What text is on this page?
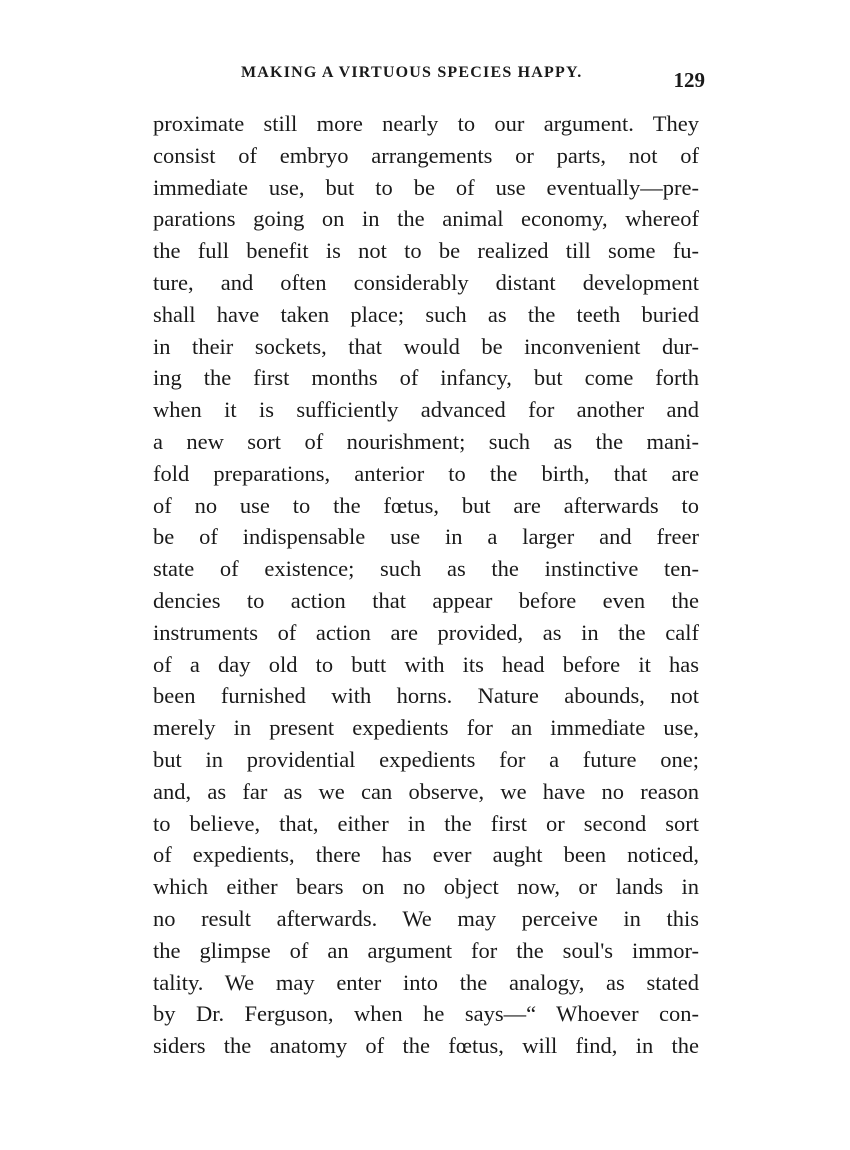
MAKING A VIRTUOUS SPECIES HAPPY.	129
proximate still more nearly to our argument. They
consist of embryo arrangements or parts, not of
immediate use, but to be of use eventually—pre-
parations going on in the animal economy, whereof
the full benefit is not to be realized till some fu-
ture, and often considerably distant development
shall have taken place; such as the teeth buried
in their sockets, that would be inconvenient dur-
ing the first months of infancy, but come forth
when it is sufficiently advanced for another and
a new sort of nourishment; such as the mani-
fold preparations, anterior to the birth, that are
of no use to the fœtus, but are afterwards to
be of indispensable use in a larger and freer
state of existence; such as the instinctive ten-
dencies to action that appear before even the
instruments of action are provided, as in the calf
of a day old to butt with its head before it has
been furnished with horns. Nature abounds, not
merely in present expedients for an immediate use,
but in providential expedients for a future one;
and, as far as we can observe, we have no reason
to believe, that, either in the first or second sort
of expedients, there has ever aught been noticed,
which either bears on no object now, or lands in
no result afterwards. We may perceive in this
the glimpse of an argument for the soul's immor-
tality. We may enter into the analogy, as stated
by Dr. Ferguson, when he says—“ Whoever con-
siders the anatomy of the fœtus, will find, in the
